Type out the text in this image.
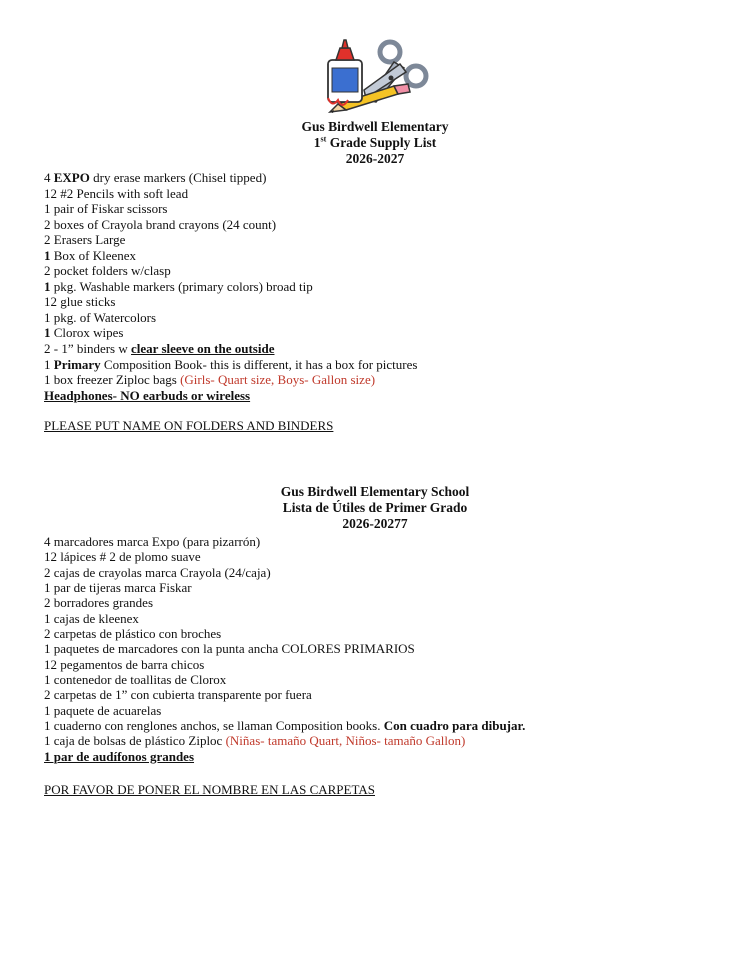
Gus Birdwell Elementary
1st Grade Supply List
2026-2027
4 EXPO dry erase markers (Chisel tipped)
12 #2 Pencils with soft lead
1 pair of Fiskar scissors
2 boxes of Crayola brand crayons (24 count)
2 Erasers Large
1 Box of Kleenex
2 pocket folders w/clasp
1 pkg. Washable markers (primary colors) broad tip
12 glue sticks
1 pkg. of Watercolors
1 Clorox wipes
2 - 1” binders w clear sleeve on the outside
1 Primary Composition Book- this is different, it has a box for pictures
1 box freezer Ziploc bags (Girls- Quart size, Boys- Gallon size)
Headphones- NO earbuds or wireless
PLEASE PUT NAME ON FOLDERS AND BINDERS
Gus Birdwell Elementary School
Lista de Útiles de Primer Grado
2026-20277
4 marcadores marca Expo (para pizarrón)
12 lápices # 2 de plomo suave
2 cajas de crayolas marca Crayola (24/caja)
1 par de tijeras marca Fiskar
2 borradores grandes
1 cajas de kleenex
2 carpetas de plástico con broches
1 paquetes de marcadores con la punta ancha COLORES PRIMARIOS
12 pegamentos de barra chicos
1 contenedor de toallitas de Clorox
2 carpetas de 1” con cubierta transparente por fuera
1 paquete de acuarelas
1 cuaderno con renglones anchos, se llaman Composition books. Con cuadro para dibujar.
1 caja de bolsas de plástico Ziploc (Niñas- tamaño Quart, Niños- tamaño Gallon)
1 par de audífonos grandes
POR FAVOR DE PONER EL NOMBRE EN LAS CARPETAS
